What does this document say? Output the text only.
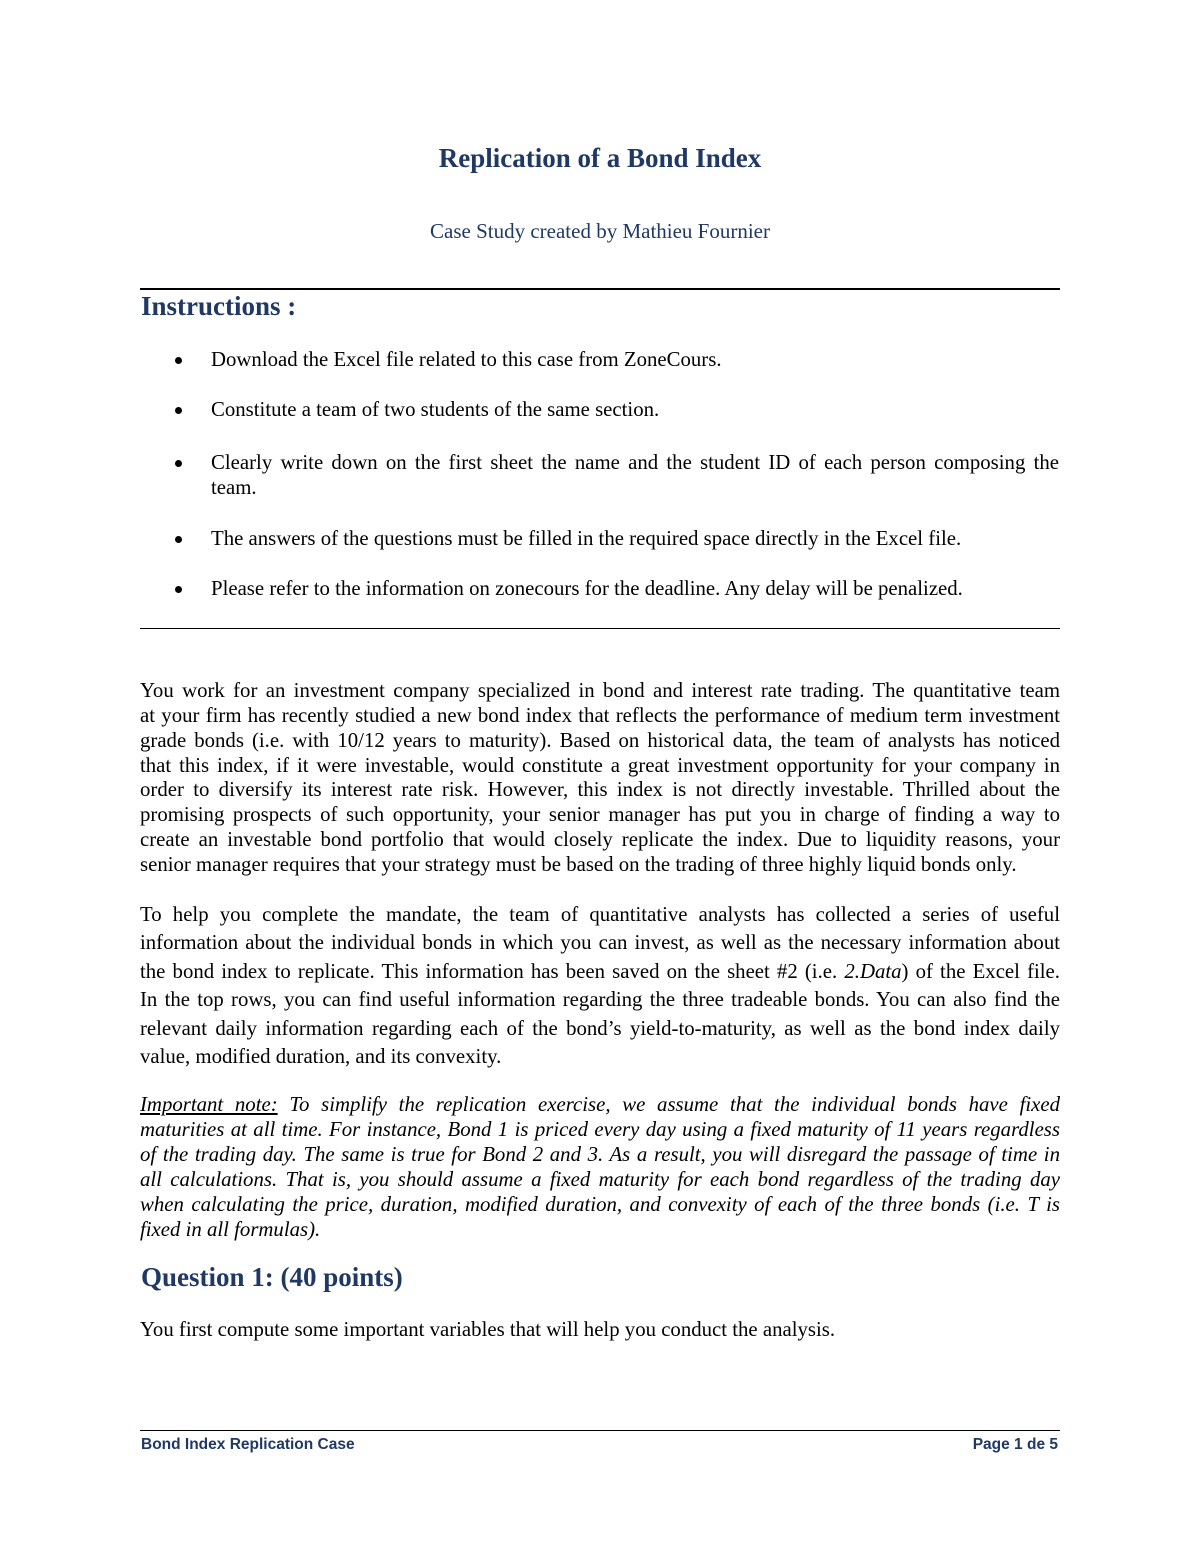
Replication of a Bond Index
Case Study created by Mathieu Fournier
Instructions :
Download the Excel file related to this case from ZoneCours.
Constitute a team of two students of the same section.
Clearly write down on the first sheet the name and the student ID of each person composing the
team.
The answers of the questions must be filled in the required space directly in the Excel file.
Please refer to the information on zonecours for the deadline. Any delay will be penalized.
You work for an investment company specialized in bond and interest rate trading. The quantitative team
at your firm has recently studied a new bond index that reflects the performance of medium term investment
grade bonds (i.e. with 10/12 years to maturity). Based on historical data, the team of analysts has noticed
that this index, if it were investable, would constitute a great investment opportunity for your company in
order to diversify its interest rate risk. However, this index is not directly investable. Thrilled about the
promising prospects of such opportunity, your senior manager has put you in charge of finding a way to
create an investable bond portfolio that would closely replicate the index. Due to liquidity reasons, your
senior manager requires that your strategy must be based on the trading of three highly liquid bonds only.
To help you complete the mandate, the team of quantitative analysts has collected a series of useful
information about the individual bonds in which you can invest, as well as the necessary information about
the bond index to replicate. This information has been saved on the sheet #2 (i.e. 2.Data) of the Excel file.
In the top rows, you can find useful information regarding the three tradeable bonds. You can also find the
relevant daily information regarding each of the bond’s yield-to-maturity, as well as the bond index daily
value, modified duration, and its convexity.
Important note: To simplify the replication exercise, we assume that the individual bonds have fixed
maturities at all time. For instance, Bond 1 is priced every day using a fixed maturity of 11 years regardless
of the trading day. The same is true for Bond 2 and 3. As a result, you will disregard the passage of time in
all calculations. That is, you should assume a fixed maturity for each bond regardless of the trading day
when calculating the price, duration, modified duration, and convexity of each of the three bonds (i.e. T is
fixed in all formulas).
Question 1: (40 points)
You first compute some important variables that will help you conduct the analysis.
Bond Index Replication Case	Page 1 de 5
